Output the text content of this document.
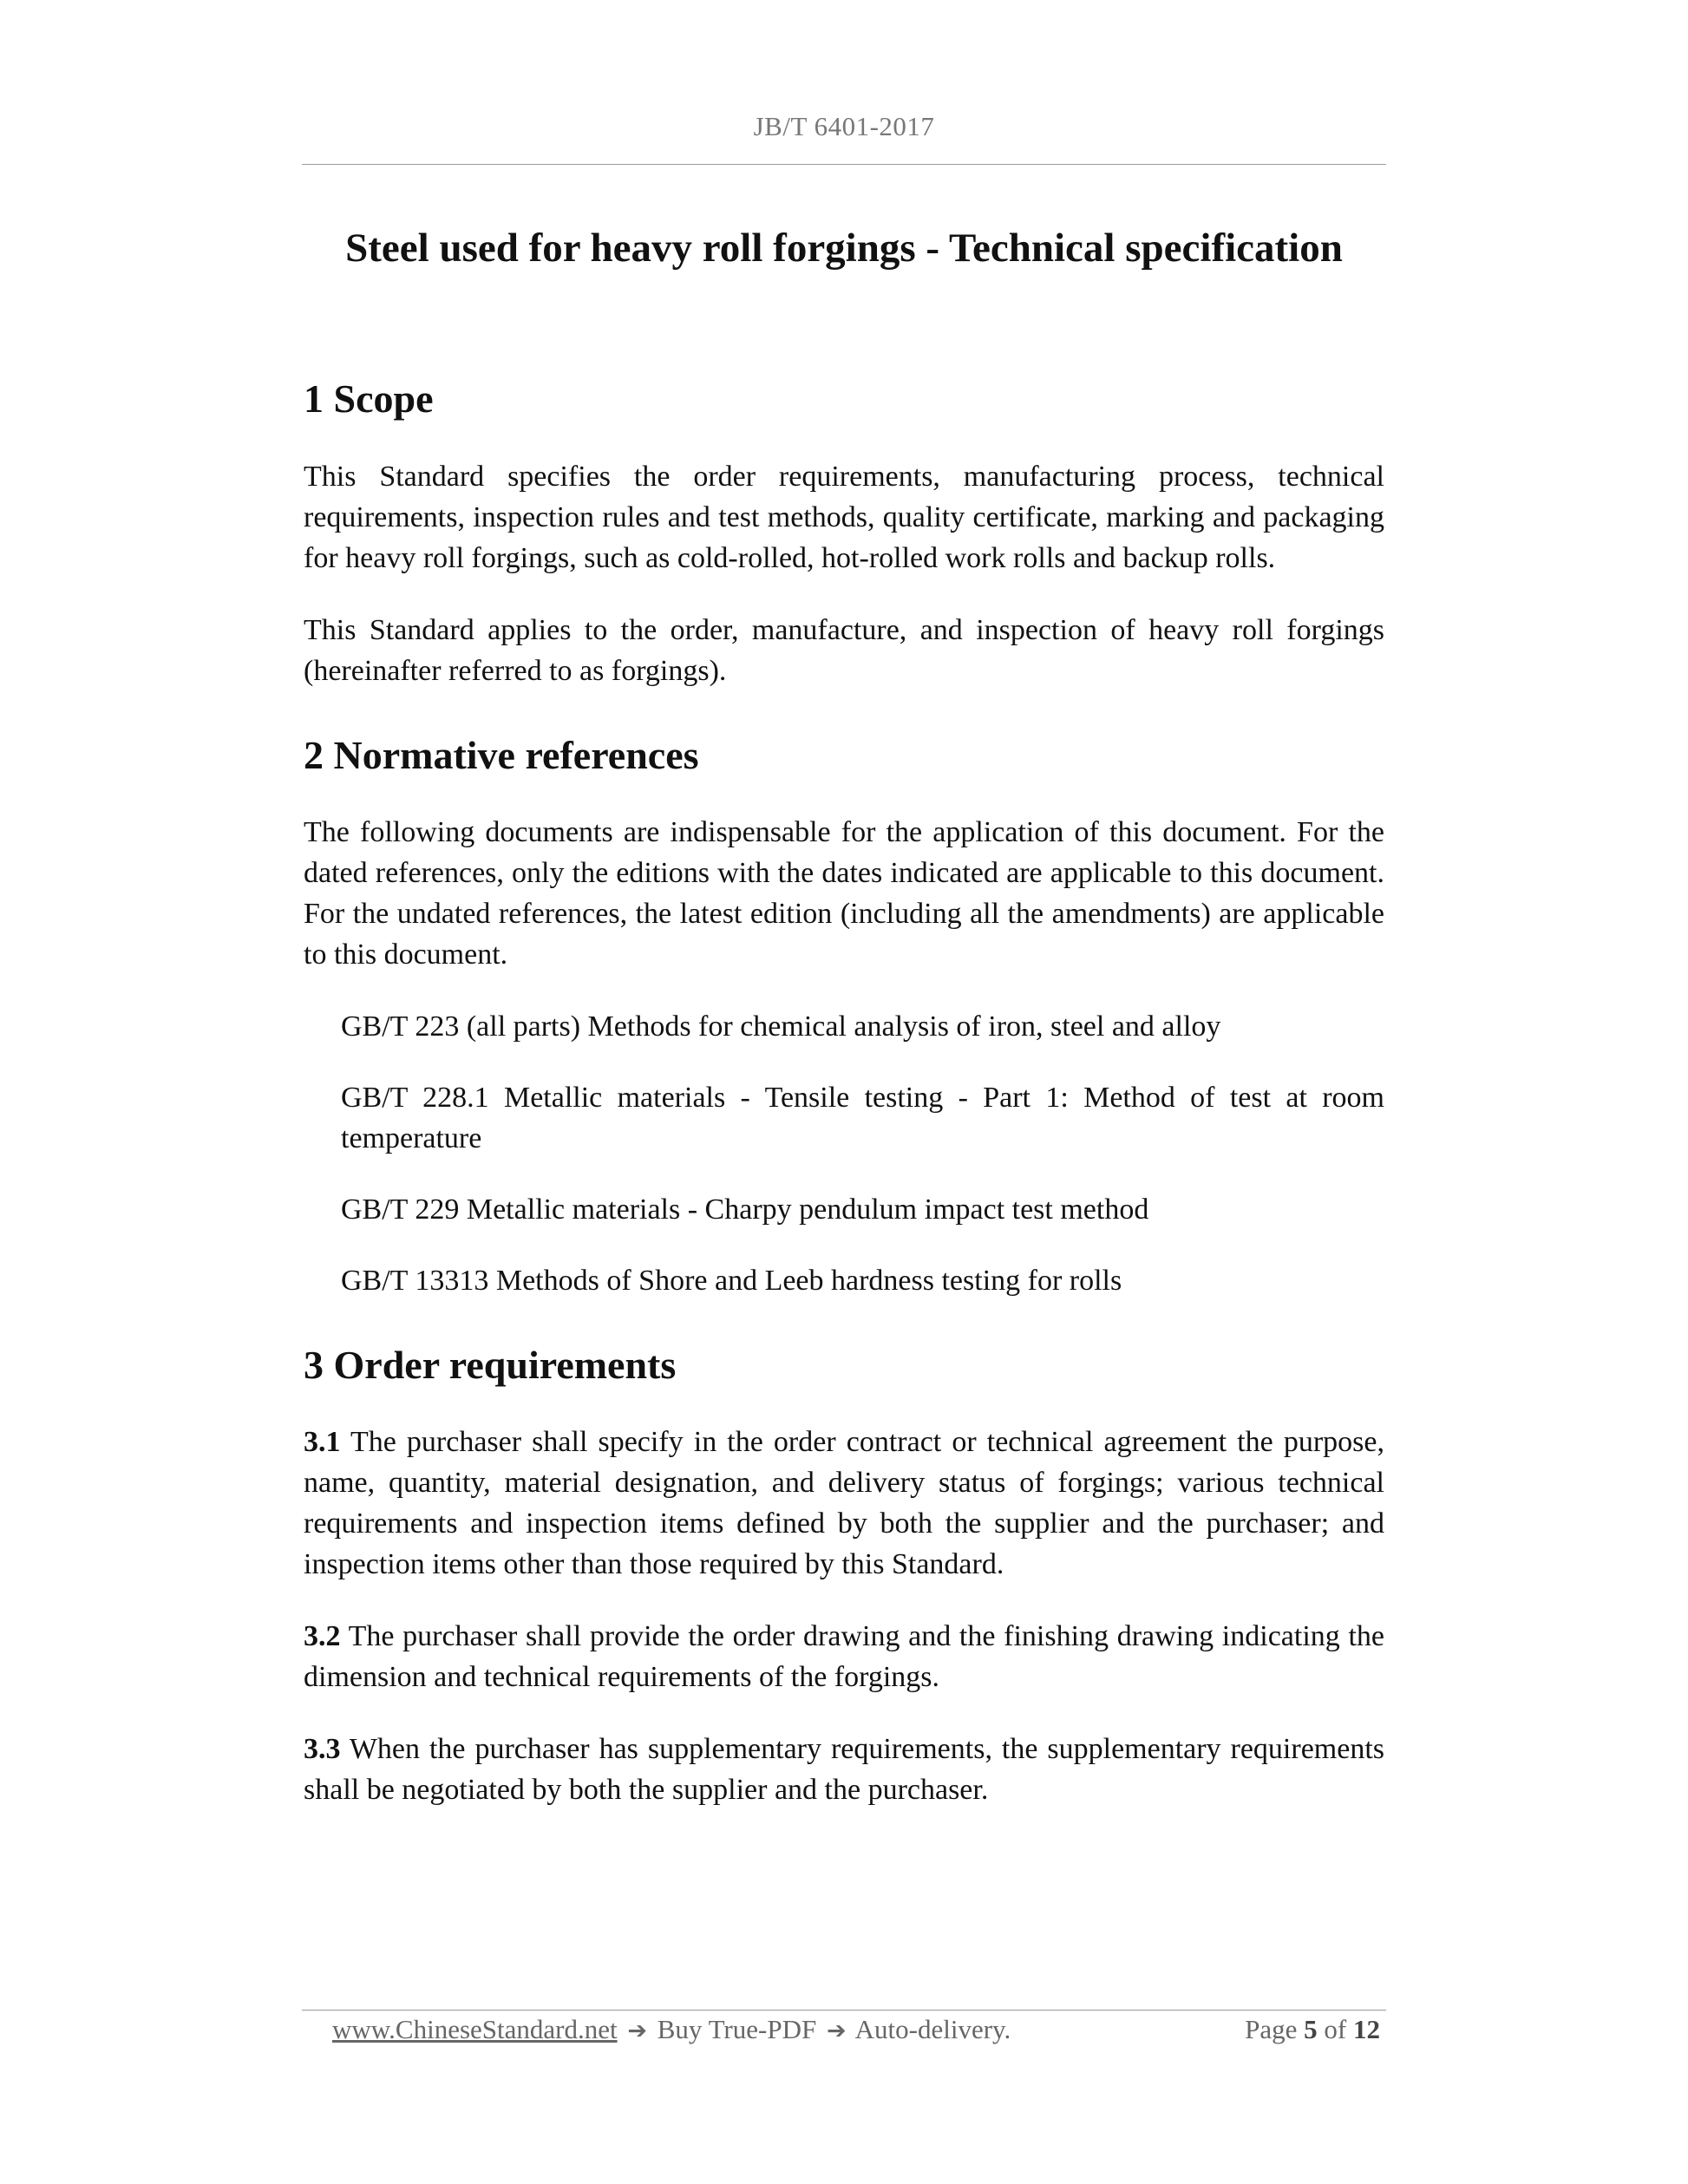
JB/T 6401-2017
Steel used for heavy roll forgings - Technical specification
1 Scope

This Standard specifies the order requirements, manufacturing process, technical requirements, inspection rules and test methods, quality certificate, marking and packaging for heavy roll forgings, such as cold-rolled, hot-rolled work rolls and backup rolls.

This Standard applies to the order, manufacture, and inspection of heavy roll forgings (hereinafter referred to as forgings).

2 Normative references

The following documents are indispensable for the application of this document. For the dated references, only the editions with the dates indicated are applicable to this document. For the undated references, the latest edition (including all the amendments) are applicable to this document.

GB/T 223 (all parts) Methods for chemical analysis of iron, steel and alloy

GB/T 228.1 Metallic materials - Tensile testing - Part 1: Method of test at room temperature

GB/T 229 Metallic materials - Charpy pendulum impact test method

GB/T 13313 Methods of Shore and Leeb hardness testing for rolls

3 Order requirements

3.1 The purchaser shall specify in the order contract or technical agreement the purpose, name, quantity, material designation, and delivery status of forgings; various technical requirements and inspection items defined by both the supplier and the purchaser; and inspection items other than those required by this Standard.

3.2 The purchaser shall provide the order drawing and the finishing drawing indicating the dimension and technical requirements of the forgings.

3.3 When the purchaser has supplementary requirements, the supplementary requirements shall be negotiated by both the supplier and the purchaser.

www.ChineseStandard.net ➔ Buy True-PDF ➔ Auto-delivery.	Page 5 of 12
